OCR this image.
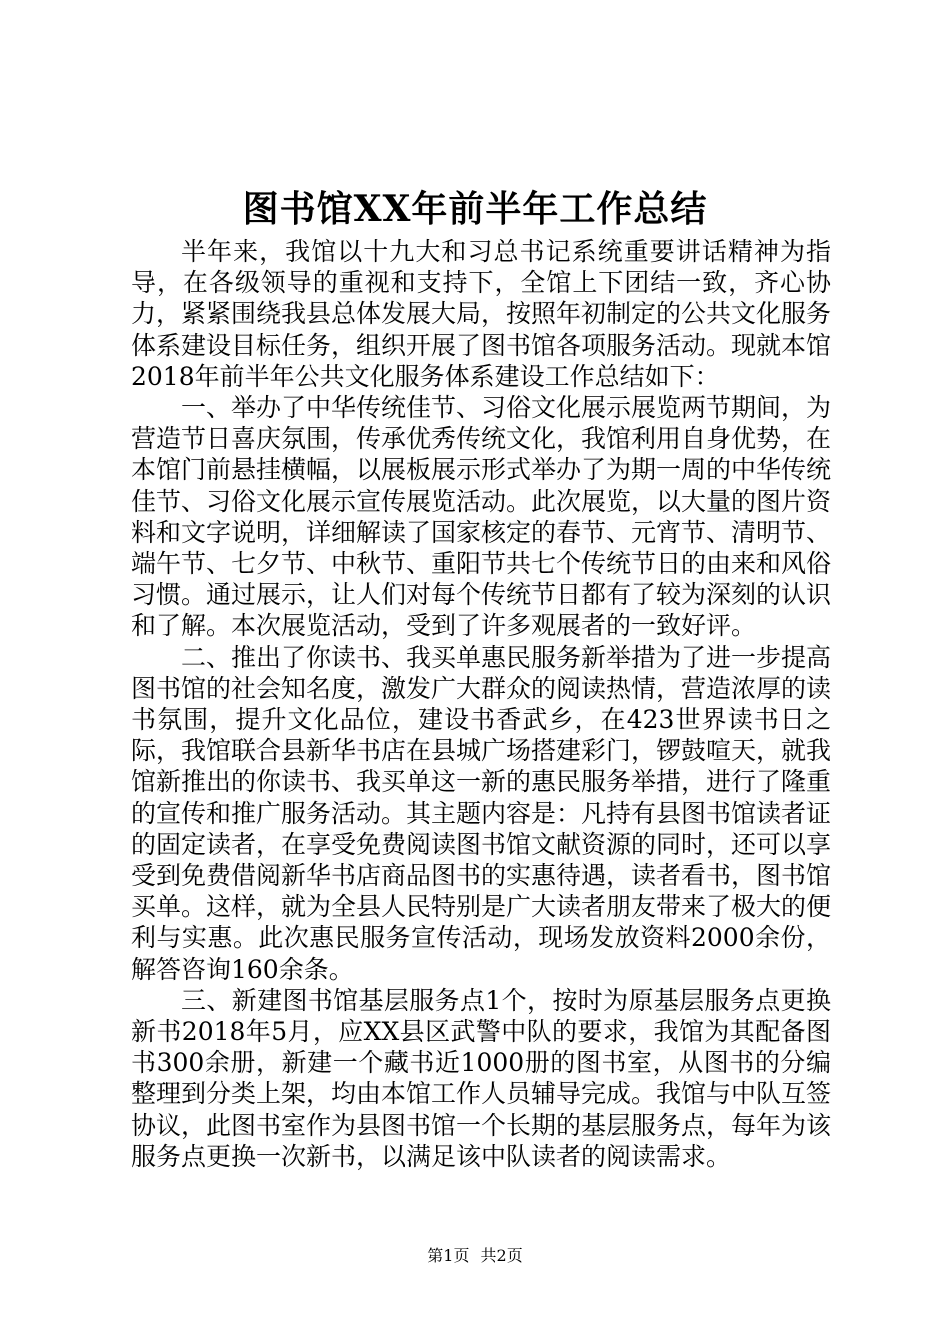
图书馆XX年前半年工作总结

半年来，我馆以十九大和习总书记系统重要讲话精神为指导，在各级领导的重视和支持下，全馆上下团结一致，齐心协力，紧紧围绕我县总体发展大局，按照年初制定的公共文化服务体系建设目标任务，组织开展了图书馆各项服务活动。现就本馆2018年前半年公共文化服务体系建设工作总结如下：

一、举办了中华传统佳节、习俗文化展示展览两节期间，为营造节日喜庆氛围，传承优秀传统文化，我馆利用自身优势，在本馆门前悬挂横幅，以展板展示形式举办了为期一周的中华传统佳节、习俗文化展示宣传展览活动。此次展览，以大量的图片资料和文字说明，详细解读了国家核定的春节、元宵节、清明节、端午节、七夕节、中秋节、重阳节共七个传统节日的由来和风俗习惯。通过展示，让人们对每个传统节日都有了较为深刻的认识和了解。本次展览活动，受到了许多观展者的一致好评。

二、推出了你读书、我买单惠民服务新举措为了进一步提高图书馆的社会知名度，激发广大群众的阅读热情，营造浓厚的读书氛围，提升文化品位，建设书香武乡，在423世界读书日之际，我馆联合县新华书店在县城广场搭建彩门，锣鼓喧天，就我馆新推出的你读书、我买单这一新的惠民服务举措，进行了隆重的宣传和推广服务活动。其主题内容是：凡持有县图书馆读者证的固定读者，在享受免费阅读图书馆文献资源的同时，还可以享受到免费借阅新华书店商品图书的实惠待遇，读者看书，图书馆买单。这样，就为全县人民特别是广大读者朋友带来了极大的便利与实惠。此次惠民服务宣传活动，现场发放资料2000余份，解答咨询160余条。

三、新建图书馆基层服务点1个，按时为原基层服务点更换新书2018年5月，应XX县区武警中队的要求，我馆为其配备图书300余册，新建一个藏书近1000册的图书室，从图书的分编整理到分类上架，均由本馆工作人员辅导完成。我馆与中队互签协议，此图书室作为县图书馆一个长期的基层服务点，每年为该服务点更换一次新书，以满足该中队读者的阅读需求。

第1页 共2页
